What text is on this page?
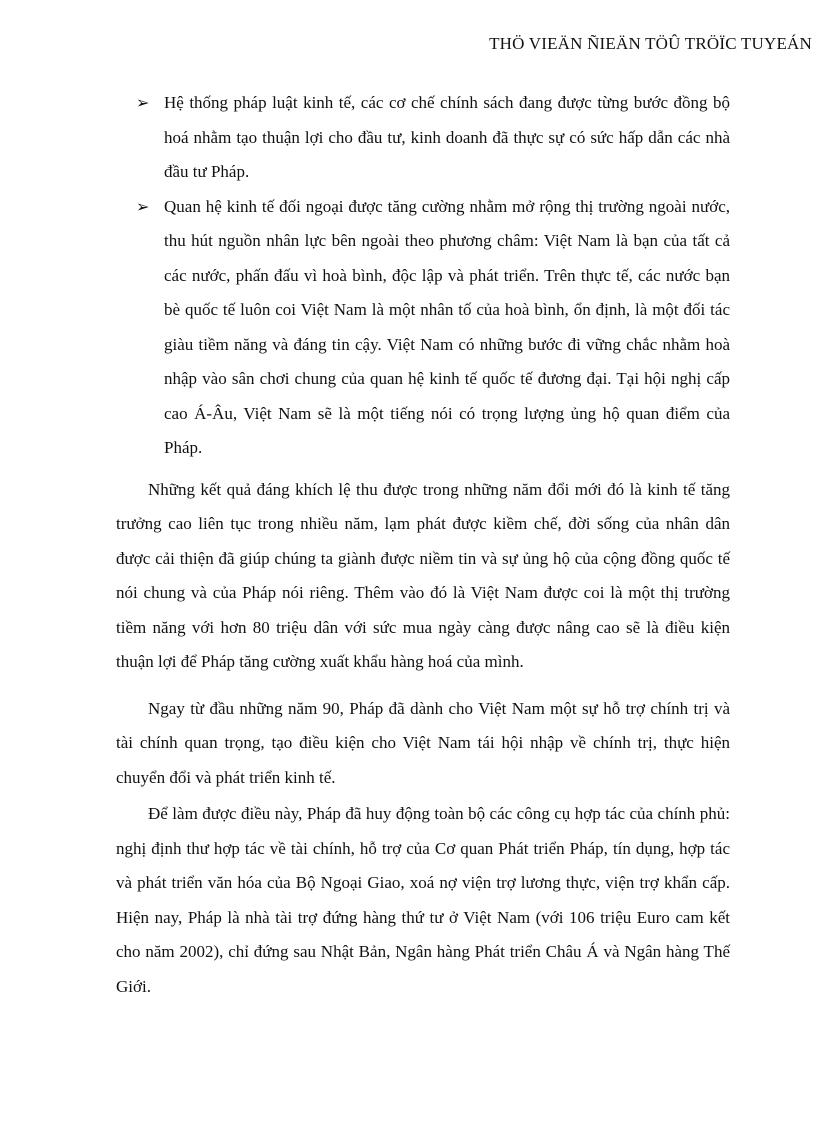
THÖ VIEÄN ÑIEÄN TÖÛ TRÖÏC TUYEÁN
➢ Hệ thống pháp luật kinh tế, các cơ chế chính sách đang được từng bước đồng bộ hoá nhằm tạo thuận lợi cho đầu tư, kinh doanh đã thực sự có sức hấp dẫn các nhà đầu tư Pháp.
➢ Quan hệ kinh tế đối ngoại được tăng cường nhằm mở rộng thị trường ngoài nước, thu hút nguồn nhân lực bên ngoài theo phương châm: Việt Nam là bạn của tất cả các nước, phấn đấu vì hoà bình, độc lập và phát triển. Trên thực tế, các nước bạn bè quốc tế luôn coi Việt Nam là một nhân tố của hoà bình, ổn định, là một đối tác giàu tiềm năng và đáng tin cậy. Việt Nam có những bước đi vững chắc nhằm hoà nhập vào sân chơi chung của quan hệ kinh tế quốc tế đương đại. Tại hội nghị cấp cao Á-Âu, Việt Nam sẽ là một tiếng nói có trọng lượng ủng hộ quan điểm của Pháp.

Những kết quả đáng khích lệ thu được trong những năm đổi mới đó là kinh tế tăng trưởng cao liên tục trong nhiều năm, lạm phát được kiềm chế, đời sống của nhân dân được cải thiện đã giúp chúng ta giành được niềm tin và sự ủng hộ của cộng đồng quốc tế nói chung và của Pháp nói riêng. Thêm vào đó là Việt Nam được coi là một thị trường tiềm năng với hơn 80 triệu dân với sức mua ngày càng được nâng cao sẽ là điều kiện thuận lợi để Pháp tăng cường xuất khẩu hàng hoá của mình.

Ngay từ đầu những năm 90, Pháp đã dành cho Việt Nam một sự hỗ trợ chính trị và tài chính quan trọng, tạo điều kiện cho Việt Nam tái hội nhập về chính trị, thực hiện chuyển đổi và phát triển kinh tế.

Để làm được điều này, Pháp đã huy động toàn bộ các công cụ hợp tác của chính phủ: nghị định thư hợp tác về tài chính, hỗ trợ của Cơ quan Phát triển Pháp, tín dụng, hợp tác và phát triển văn hóa của Bộ Ngoại Giao, xoá nợ viện trợ lương thực, viện trợ khẩn cấp. Hiện nay, Pháp là nhà tài trợ đứng hàng thứ tư ở Việt Nam (với 106 triệu Euro cam kết cho năm 2002), chỉ đứng sau Nhật Bản, Ngân hàng Phát triển Châu Á và Ngân hàng Thế Giới.
